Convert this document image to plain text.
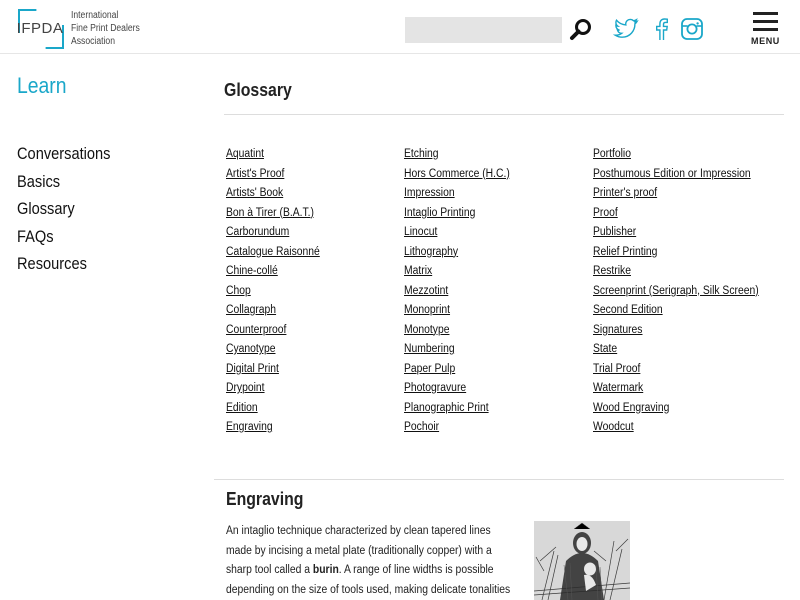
IFPDA
International
Fine Print Dealers
Association	MENU
Learn
Conversations
Basics
Glossary
FAQs
Resources
Glossary
Aquatint
Artist's Proof
Artists' Book
Bon à Tirer (B.A.T.)
Carborundum
Catalogue Raisonné
Chine-collé
Chop
Collagraph
Counterproof
Cyanotype
Digital Print
Drypoint
Edition
Engraving
Etching
Hors Commerce (H.C.)
Impression
Intaglio Printing
Linocut
Lithography
Matrix
Mezzotint
Monoprint
Monotype
Numbering
Paper Pulp
Photogravure
Planographic Print
Pochoir
Portfolio
Posthumous Edition or Impression
Printer's proof
Proof
Publisher
Relief Printing
Restrike
Screenprint (Serigraph, Silk Screen)
Second Edition
Signatures
State
Trial Proof
Watermark
Wood Engraving
Woodcut
Engraving
An intaglio technique characterized by clean tapered lines
made by incising a metal plate (traditionally copper) with a
sharp tool called a burin. A range of line widths is possible
depending on the size of tools used, making delicate tonalities
